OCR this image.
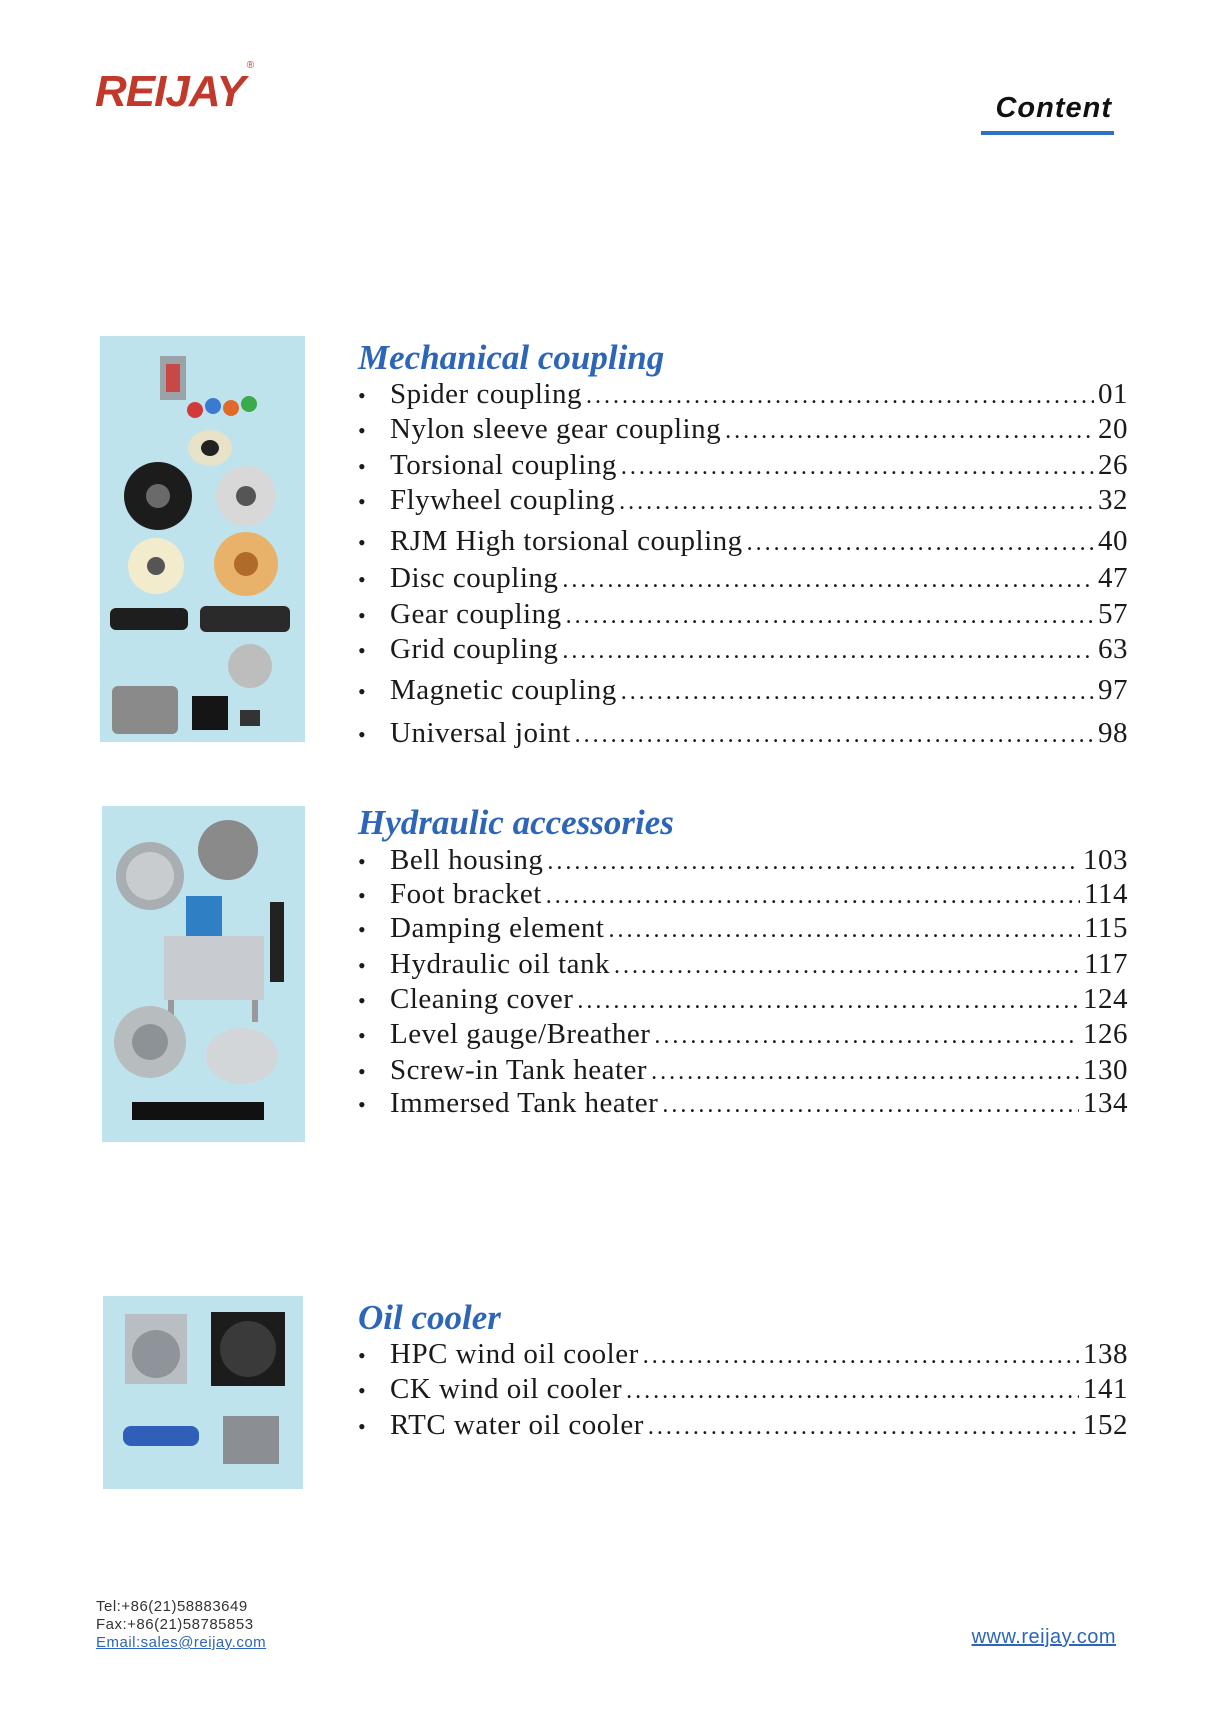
REIJAY®
Content
Mechanical coupling
• Spider coupling .....	01
• Nylon sleeve gear coupling .....	20
• Torsional coupling .....	26
• Flywheel coupling .....	32
• RJM High torsional coupling .....	40
• Disc coupling .....	47
• Gear coupling .....	57
• Grid coupling .....	63
• Magnetic coupling .....	97
• Universal joint .....	98
Hydraulic accessories
• Bell housing .....	103
• Foot bracket .....	114
• Damping element .....	115
• Hydraulic oil tank .....	117
• Cleaning cover .....	124
• Level gauge/Breather .....	126
• Screw-in Tank heater .....	130
• Immersed Tank heater .....	134
Oil cooler
• HPC wind oil cooler .....	138
• CK wind oil cooler .....	141
• RTC water oil cooler .....	152
Tel:+86(21)58883649
Fax:+86(21)58785853
Email:sales@reijay.com	www.reijay.com
